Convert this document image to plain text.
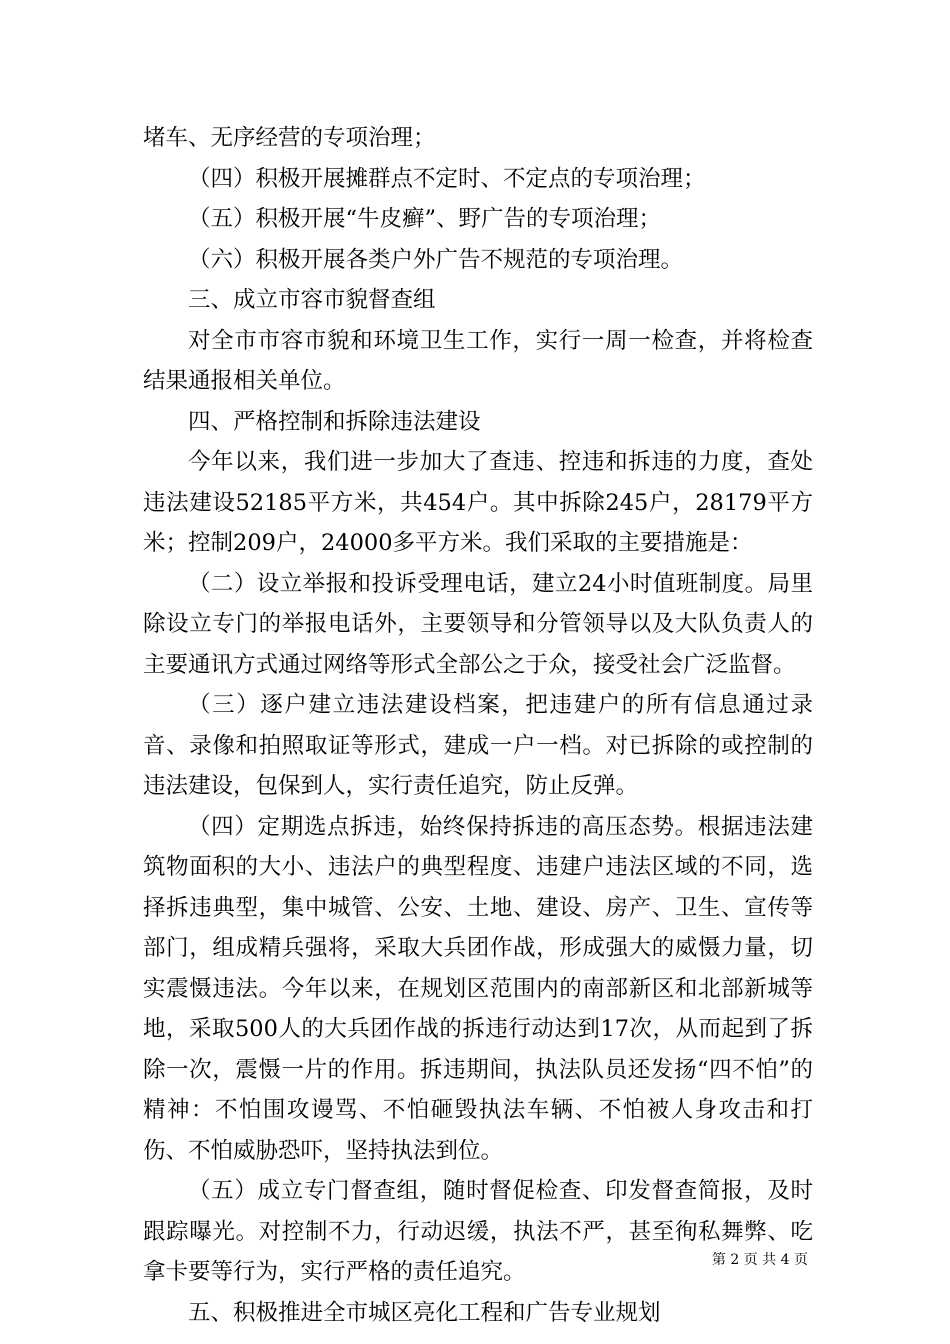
堵车、无序经营的专项治理；

（四）积极开展摊群点不定时、不定点的专项治理；

（五）积极开展“牛皮癣”、野广告的专项治理；

（六）积极开展各类户外广告不规范的专项治理。

三、成立市容市貌督查组

对全市市容市貌和环境卫生工作，实行一周一检查，并将检查结果通报相关单位。

四、严格控制和拆除违法建设

今年以来，我们进一步加大了查违、控违和拆违的力度，查处违法建设52185平方米，共454户。其中拆除245户，28179平方米；控制209户，24000多平方米。我们采取的主要措施是：

（二）设立举报和投诉受理电话，建立24小时值班制度。局里除设立专门的举报电话外，主要领导和分管领导以及大队负责人的主要通讯方式通过网络等形式全部公之于众，接受社会广泛监督。

（三）逐户建立违法建设档案，把违建户的所有信息通过录音、录像和拍照取证等形式，建成一户一档。对已拆除的或控制的违法建设，包保到人，实行责任追究，防止反弹。

（四）定期选点拆违，始终保持拆违的高压态势。根据违法建筑物面积的大小、违法户的典型程度、违建户违法区域的不同，选择拆违典型，集中城管、公安、土地、建设、房产、卫生、宣传等部门，组成精兵强将，采取大兵团作战，形成强大的威慑力量，切实震慑违法。今年以来，在规划区范围内的南部新区和北部新城等地，采取500人的大兵团作战的拆违行动达到17次，从而起到了拆除一次，震慑一片的作用。拆违期间，执法队员还发扬“四不怕”的精神：不怕围攻谩骂、不怕砸毁执法车辆、不怕被人身攻击和打伤、不怕威胁恐吓，坚持执法到位。

（五）成立专门督查组，随时督促检查、印发督查简报，及时跟踪曝光。对控制不力，行动迟缓，执法不严，甚至徇私舞弊、吃拿卡要等行为，实行严格的责任追究。

五、积极推进全市城区亮化工程和广告专业规划

第 2 页 共 4 页
